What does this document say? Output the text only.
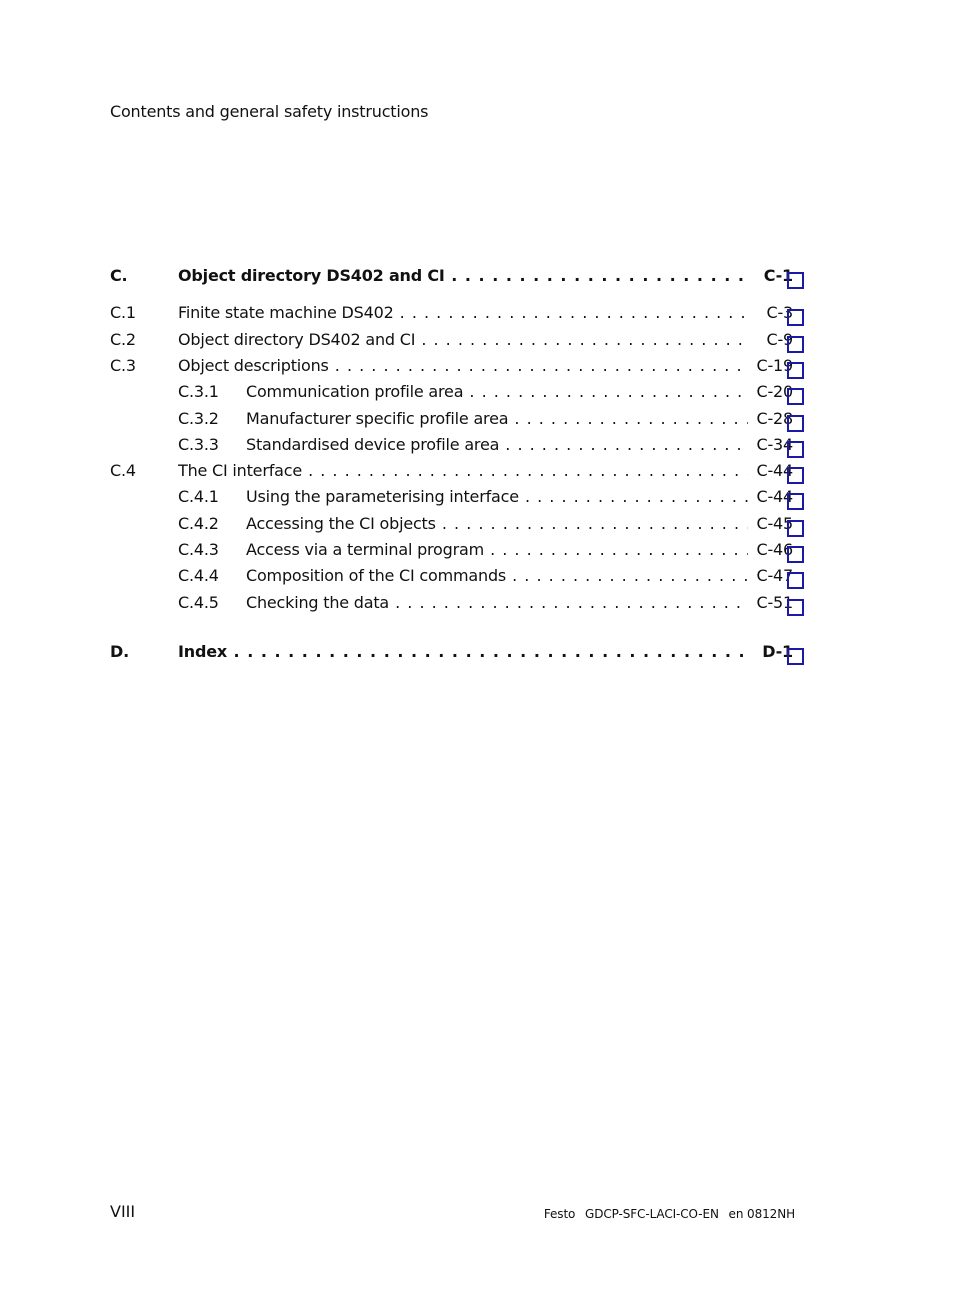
Contents and general safety instructions
C.	Object directory DS402 and CI . . .	C-1
C.1	Finite state machine DS402 . . .	C-3
C.2	Object directory DS402 and CI . . .	C-9
C.3	Object descriptions . . .	C-19
C.3.1 Communication profile area . . .	C-20
C.3.2 Manufacturer specific profile area . . .	C-28
C.3.3 Standardised device profile area . . .	C-34
C.4	The CI interface . . .	C-44
C.4.1 Using the parameterising interface . . .	C-44
C.4.2 Accessing the CI objects . . .	C-45
C.4.3 Access via a terminal program . . .	C-46
C.4.4 Composition of the CI commands . . .	C-47
C.4.5 Checking the data . . .	C-51
D.	Index . . .	D-1
VIII	Festo GDCP-SFC-LACI-CO-EN en 0812NH
